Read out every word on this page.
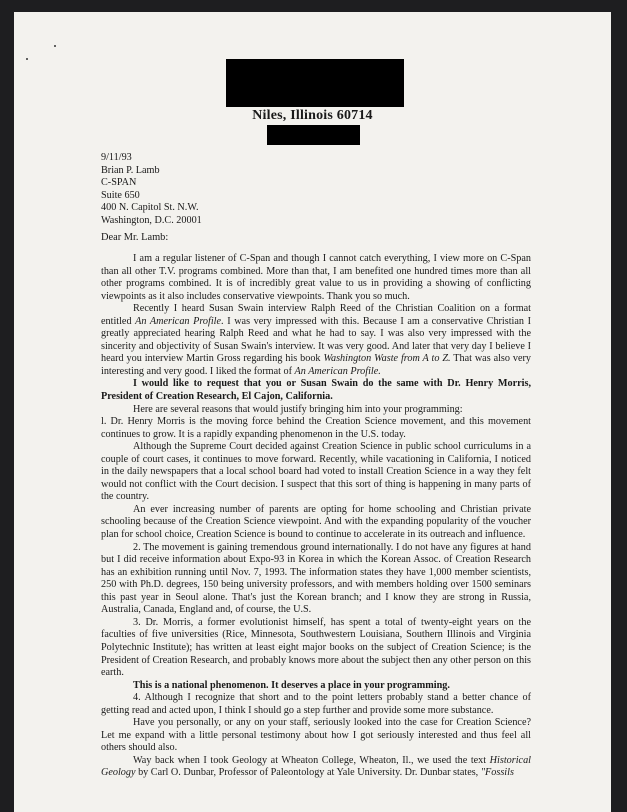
Niles, Illinois 60714
9/11/93
Brian P. Lamb
C-SPAN
Suite 650
400 N. Capitol St. N.W.
Washington, D.C. 20001
Dear Mr. Lamb:

I am a regular listener of C-Span and though I cannot catch everything, I view more on C-Span than all other T.V. programs combined. More than that, I am benefited one hundred times more than all other programs combined. It is of incredibly great value to us in providing a showing of conflicting viewpoints as it also includes conservative viewpoints. Thank you so much.

Recently I heard Susan Swain interview Ralph Reed of the Christian Coalition on a format entitled An American Profile. I was very impressed with this. Because I am a conservative Christian I greatly appreciated hearing Ralph Reed and what he had to say. I was also very impressed with the sincerity and objectivity of Susan Swain's interview. It was very good. And later that very day I believe I heard you interview Martin Gross regarding his book Washington Waste from A to Z. That was also very interesting and very good. I liked the format of An American Profile.

I would like to request that you or Susan Swain do the same with Dr. Henry Morris, President of Creation Research, El Cajon, California.

Here are several reasons that would justify bringing him into your programming:

l. Dr. Henry Morris is the moving force behind the Creation Science movement, and this movement continues to grow. It is a rapidly expanding phenomenon in the U.S. today.

Although the Supreme Court decided against Creation Science in public school curriculums in a couple of court cases, it continues to move forward. Recently, while vacationing in California, I noticed in the daily newspapers that a local school board had voted to install Creation Science in a way they felt would not conflict with the Court decision. I suspect that this sort of thing is happening in many parts of the country.

An ever increasing number of parents are opting for home schooling and Christian private schooling because of the Creation Science viewpoint. And with the expanding popularity of the voucher plan for school choice, Creation Science is bound to continue to accelerate in its outreach and influence.

2. The movement is gaining tremendous ground internationally. I do not have any figures at hand but I did receive information about Expo-93 in Korea in which the Korean Assoc. of Creation Research has an exhibition running until Nov. 7, 1993. The information states they have 1,000 member scientists, 250 with Ph.D. degrees, 150 being university professors, and with members holding over 1500 seminars this past year in Seoul alone. That's just the Korean branch; and I know they are strong in Russia, Australia, Canada, England and, of course, the U.S.

3. Dr. Morris, a former evolutionist himself, has spent a total of twenty-eight years on the faculties of five universities (Rice, Minnesota, Southwestern Louisiana, Southern Illinois and Virginia Polytechnic Institute); has written at least eight major books on the subject of Creation Science; is the President of Creation Research, and probably knows more about the subject then any other person on this earth.

This is a national phenomenon. It deserves a place in your programming.

4. Although I recognize that short and to the point letters probably stand a better chance of getting read and acted upon, I think I should go a step further and provide some more substance.

Have you personally, or any on your staff, seriously looked into the case for Creation Science? Let me expand with a little personal testimony about how I got seriously interested and thus feel all others should also.

Way back when I took Geology at Wheaton College, Wheaton, Il., we used the text Historical Geology by Carl O. Dunbar, Professor of Paleontology at Yale University. Dr. Dunbar states, "Fossils
